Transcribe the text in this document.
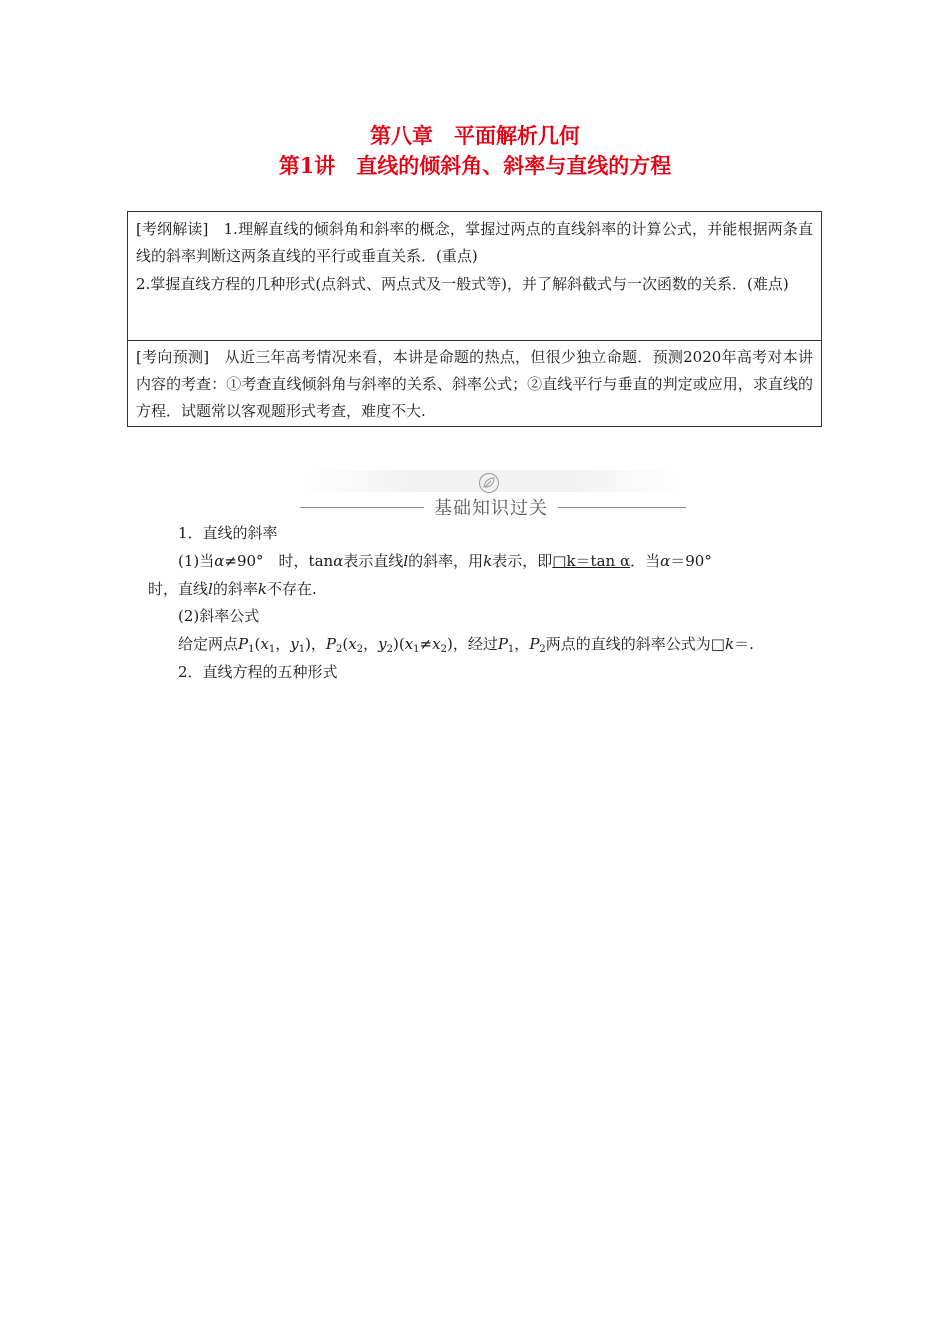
第八章　平面解析几何
第1讲　直线的倾斜角、斜率与直线的方程

[考纲解读]　1.理解直线的倾斜角和斜率的概念，掌握过两点的直线斜率的计算公式，并能根据两条直线的斜率判断这两条直线的平行或垂直关系．(重点)

2.掌握直线方程的几种形式(点斜式、两点式及一般式等)，并了解斜截式与一次函数的关系．(难点)

[考向预测]　从近三年高考情况来看，本讲是命题的热点，但很少独立命题．预测2020年高考对本讲内容的考查：①考查直线倾斜角与斜率的关系、斜率公式；②直线平行与垂直的判定或应用，求直线的方程．试题常以客观题形式考查，难度不大.

基础知识过关

1．直线的斜率

(1)当α≠90°　时，tanα表示直线l的斜率，用k表示，即□k＝tan α．当α＝90°

时，直线l的斜率k不存在.

(2)斜率公式

给定两点$P_1(x_1$，$y_1$)，$P_2(x_2$，$y_2)(x_1\ne x_2)$，经过$P_1$，$P_2$两点的直线的斜率公式为□k＝.

2．直线方程的五种形式
